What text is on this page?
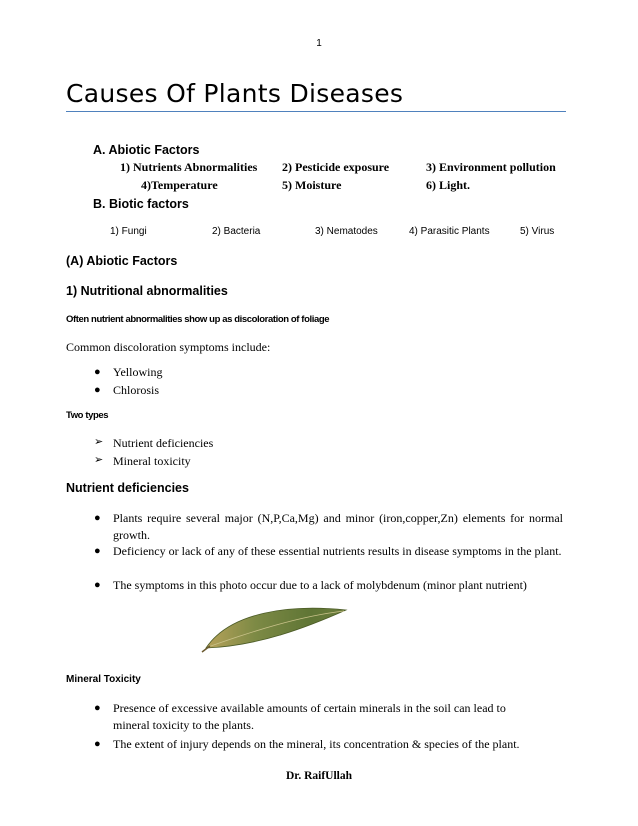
1
Causes Of Plants Diseases
A. Abiotic Factors
1) Nutrients Abnormalities 2) Pesticide exposure	3) Environment pollution
4)Temperature	5) Moisture	6) Light.
B. Biotic factors
1) Fungi	2) Bacteria	3) Nematodes	4) Parasitic Plants	5) Virus
(A) Abiotic Factors
1) Nutritional abnormalities
Often nutrient abnormalities show up as discoloration of foliage
Common discoloration symptoms include:
● Yellowing
● Chlorosis
Two types
➢ Nutrient deficiencies
➢ Mineral toxicity
Nutrient deficiencies
● Plants require several major (N,P,Ca,Mg) and minor (iron,copper,Zn) elements for normal growth.
● Deficiency or lack of any of these essential nutrients results in disease symptoms in the plant.
● The symptoms in this photo occur due to a lack of molybdenum (minor plant nutrient)
Mineral Toxicity
● Presence of excessive available amounts of certain minerals in the soil can lead to mineral toxicity to the plants.
● The extent of injury depends on the mineral, its concentration & species of the plant.
Dr. RaifUllah
